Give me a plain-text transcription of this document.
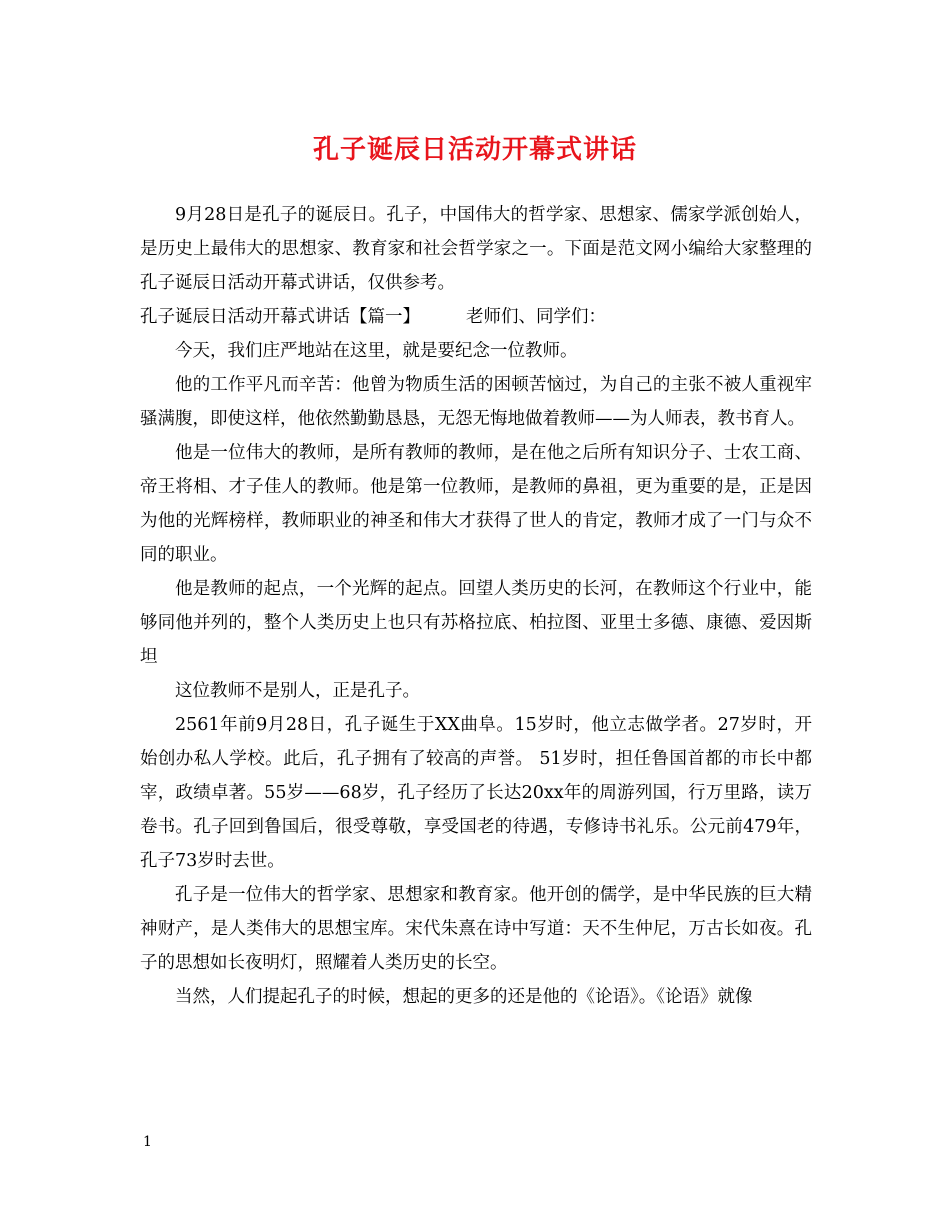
孔子诞辰日活动开幕式讲话

9月28日是孔子的诞辰日。孔子，中国伟大的哲学家、思想家、儒家学派创始人，是历史上最伟大的思想家、教育家和社会哲学家之一。下面是范文网小编给大家整理的孔子诞辰日活动开幕式讲话，仅供参考。

孔子诞辰日活动开幕式讲话【篇一】	老师们、同学们：

今天，我们庄严地站在这里，就是要纪念一位教师。

他的工作平凡而辛苦：他曾为物质生活的困顿苦恼过，为自己的主张不被人重视牢骚满腹，即使这样，他依然勤勤恳恳，无怨无悔地做着教师——为人师表，教书育人。

他是一位伟大的教师，是所有教师的教师，是在他之后所有知识分子、士农工商、帝王将相、才子佳人的教师。他是第一位教师，是教师的鼻祖，更为重要的是，正是因为他的光辉榜样，教师职业的神圣和伟大才获得了世人的肯定，教师才成了一门与众不同的职业。

他是教师的起点，一个光辉的起点。回望人类历史的长河，在教师这个行业中，能够同他并列的，整个人类历史上也只有苏格拉底、柏拉图、亚里士多德、康德、爱因斯坦

这位教师不是别人，正是孔子。

2561年前9月28日，孔子诞生于XX曲阜。15岁时，他立志做学者。27岁时，开始创办私人学校。此后，孔子拥有了较高的声誉。 51岁时，担任鲁国首都的市长中都宰，政绩卓著。55岁——68岁，孔子经历了长达20xx年的周游列国，行万里路，读万卷书。孔子回到鲁国后，很受尊敬，享受国老的待遇，专修诗书礼乐。公元前479年，孔子73岁时去世。

孔子是一位伟大的哲学家、思想家和教育家。他开创的儒学，是中华民族的巨大精神财产，是人类伟大的思想宝库。宋代朱熹在诗中写道：天不生仲尼，万古长如夜。孔子的思想如长夜明灯，照耀着人类历史的长空。

当然，人们提起孔子的时候，想起的更多的还是他的《论语》。《论语》就像

1
